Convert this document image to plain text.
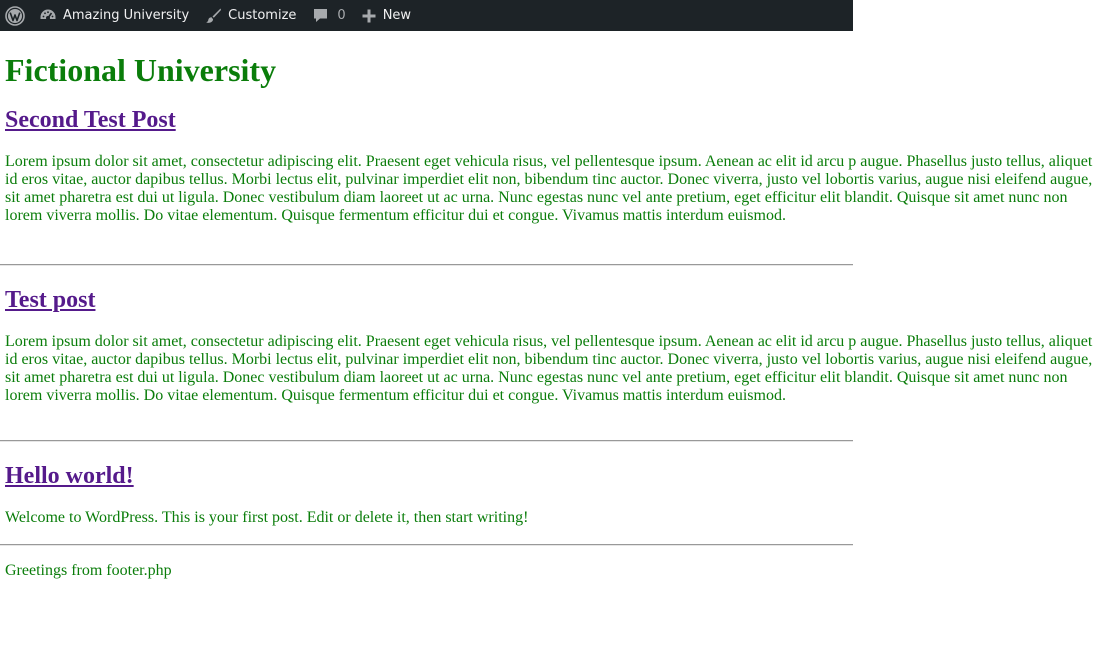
Amazing University	Customize	0	New
Fictional University
Second Test Post

Lorem ipsum dolor sit amet, consectetur adipiscing elit. Praesent eget vehicula risus, vel pellentesque ipsum. Aenean ac elit id arcu p augue. Phasellus justo tellus, aliquet id eros vitae, auctor dapibus tellus. Morbi lectus elit, pulvinar imperdiet elit non, bibendum tinc auctor. Donec viverra, justo vel lobortis varius, augue nisi eleifend augue, sit amet pharetra est dui ut ligula. Donec vestibulum diam laoreet ut ac urna. Nunc egestas nunc vel ante pretium, eget efficitur elit blandit. Quisque sit amet nunc non lorem viverra mollis. Do vitae elementum. Quisque fermentum efficitur dui et congue. Vivamus mattis interdum euismod.

Test post

Lorem ipsum dolor sit amet, consectetur adipiscing elit. Praesent eget vehicula risus, vel pellentesque ipsum. Aenean ac elit id arcu p augue. Phasellus justo tellus, aliquet id eros vitae, auctor dapibus tellus. Morbi lectus elit, pulvinar imperdiet elit non, bibendum tinc auctor. Donec viverra, justo vel lobortis varius, augue nisi eleifend augue, sit amet pharetra est dui ut ligula. Donec vestibulum diam laoreet ut ac urna. Nunc egestas nunc vel ante pretium, eget efficitur elit blandit. Quisque sit amet nunc non lorem viverra mollis. Do vitae elementum. Quisque fermentum efficitur dui et congue. Vivamus mattis interdum euismod.

Hello world!

Welcome to WordPress. This is your first post. Edit or delete it, then start writing!

Greetings from footer.php
